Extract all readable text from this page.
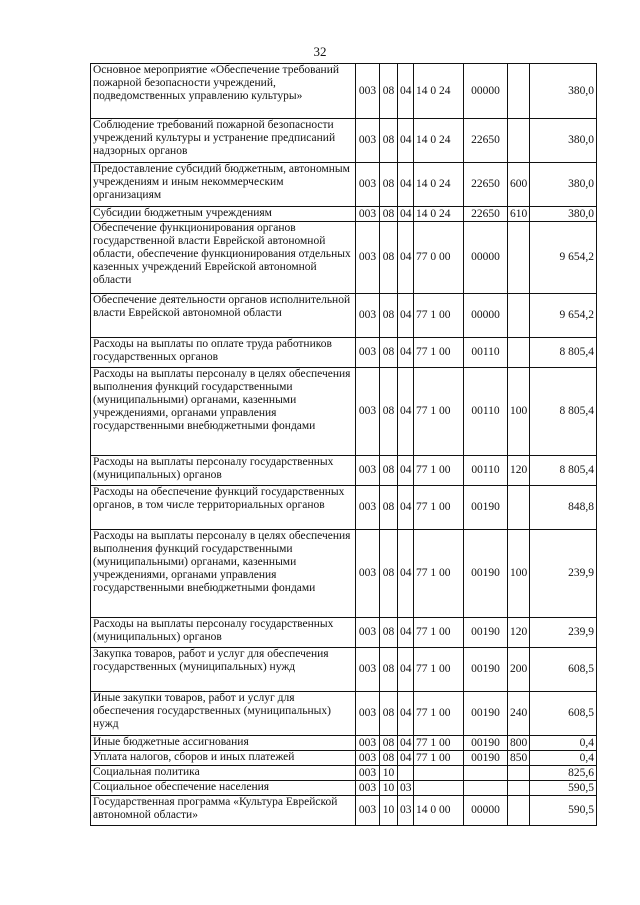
32
Основное мероприятие «Обеспечение требований пожарной безопасности учреждений, подведомственных управлению культуры»	003	08	04	14 0 24	00000		380,0
Соблюдение требований пожарной безопасности учреждений культуры и устранение предписаний надзорных органов	003	08	04	14 0 24	22650		380,0
Предоставление субсидий бюджетным, автономным учреждениям и иным некоммерческим организациям	003	08	04	14 0 24	22650	600	380,0
Субсидии бюджетным учреждениям	003	08	04	14 0 24	22650	610	380,0
Обеспечение функционирования органов государственной власти Еврейской автономной области, обеспечение функционирования отдельных казенных учреждений Еврейской автономной области	003	08	04	77 0 00	00000		9 654,2
Обеспечение деятельности органов исполнительной власти Еврейской автономной области	003	08	04	77 1 00	00000		9 654,2
Расходы на выплаты по оплате труда работников государственных органов	003	08	04	77 1 00	00110		8 805,4
Расходы на выплаты персоналу в целях обеспечения выполнения функций государственными (муниципальными) органами, казенными учреждениями, органами управления государственными внебюджетными фондами	003	08	04	77 1 00	00110	100	8 805,4
Расходы на выплаты персоналу государственных (муниципальных) органов	003	08	04	77 1 00	00110	120	8 805,4
Расходы на обеспечение функций государственных органов, в том числе территориальных органов	003	08	04	77 1 00	00190		848,8
Расходы на выплаты персоналу в целях обеспечения выполнения функций государственными (муниципальными) органами, казенными учреждениями, органами управления государственными внебюджетными фондами	003	08	04	77 1 00	00190	100	239,9
Расходы на выплаты персоналу государственных (муниципальных) органов	003	08	04	77 1 00	00190	120	239,9
Закупка товаров, работ и услуг для обеспечения государственных (муниципальных) нужд	003	08	04	77 1 00	00190	200	608,5
Иные закупки товаров, работ и услуг для обеспечения государственных (муниципальных) нужд	003	08	04	77 1 00	00190	240	608,5
Иные бюджетные ассигнования	003	08	04	77 1 00	00190	800	0,4
Уплата налогов, сборов и иных платежей	003	08	04	77 1 00	00190	850	0,4
Социальная политика	003	10					825,6
Социальное обеспечение населения	003	10	03				590,5
Государственная программа «Культура Еврейской автономной области»	003	10	03	14 0 00	00000		590,5
